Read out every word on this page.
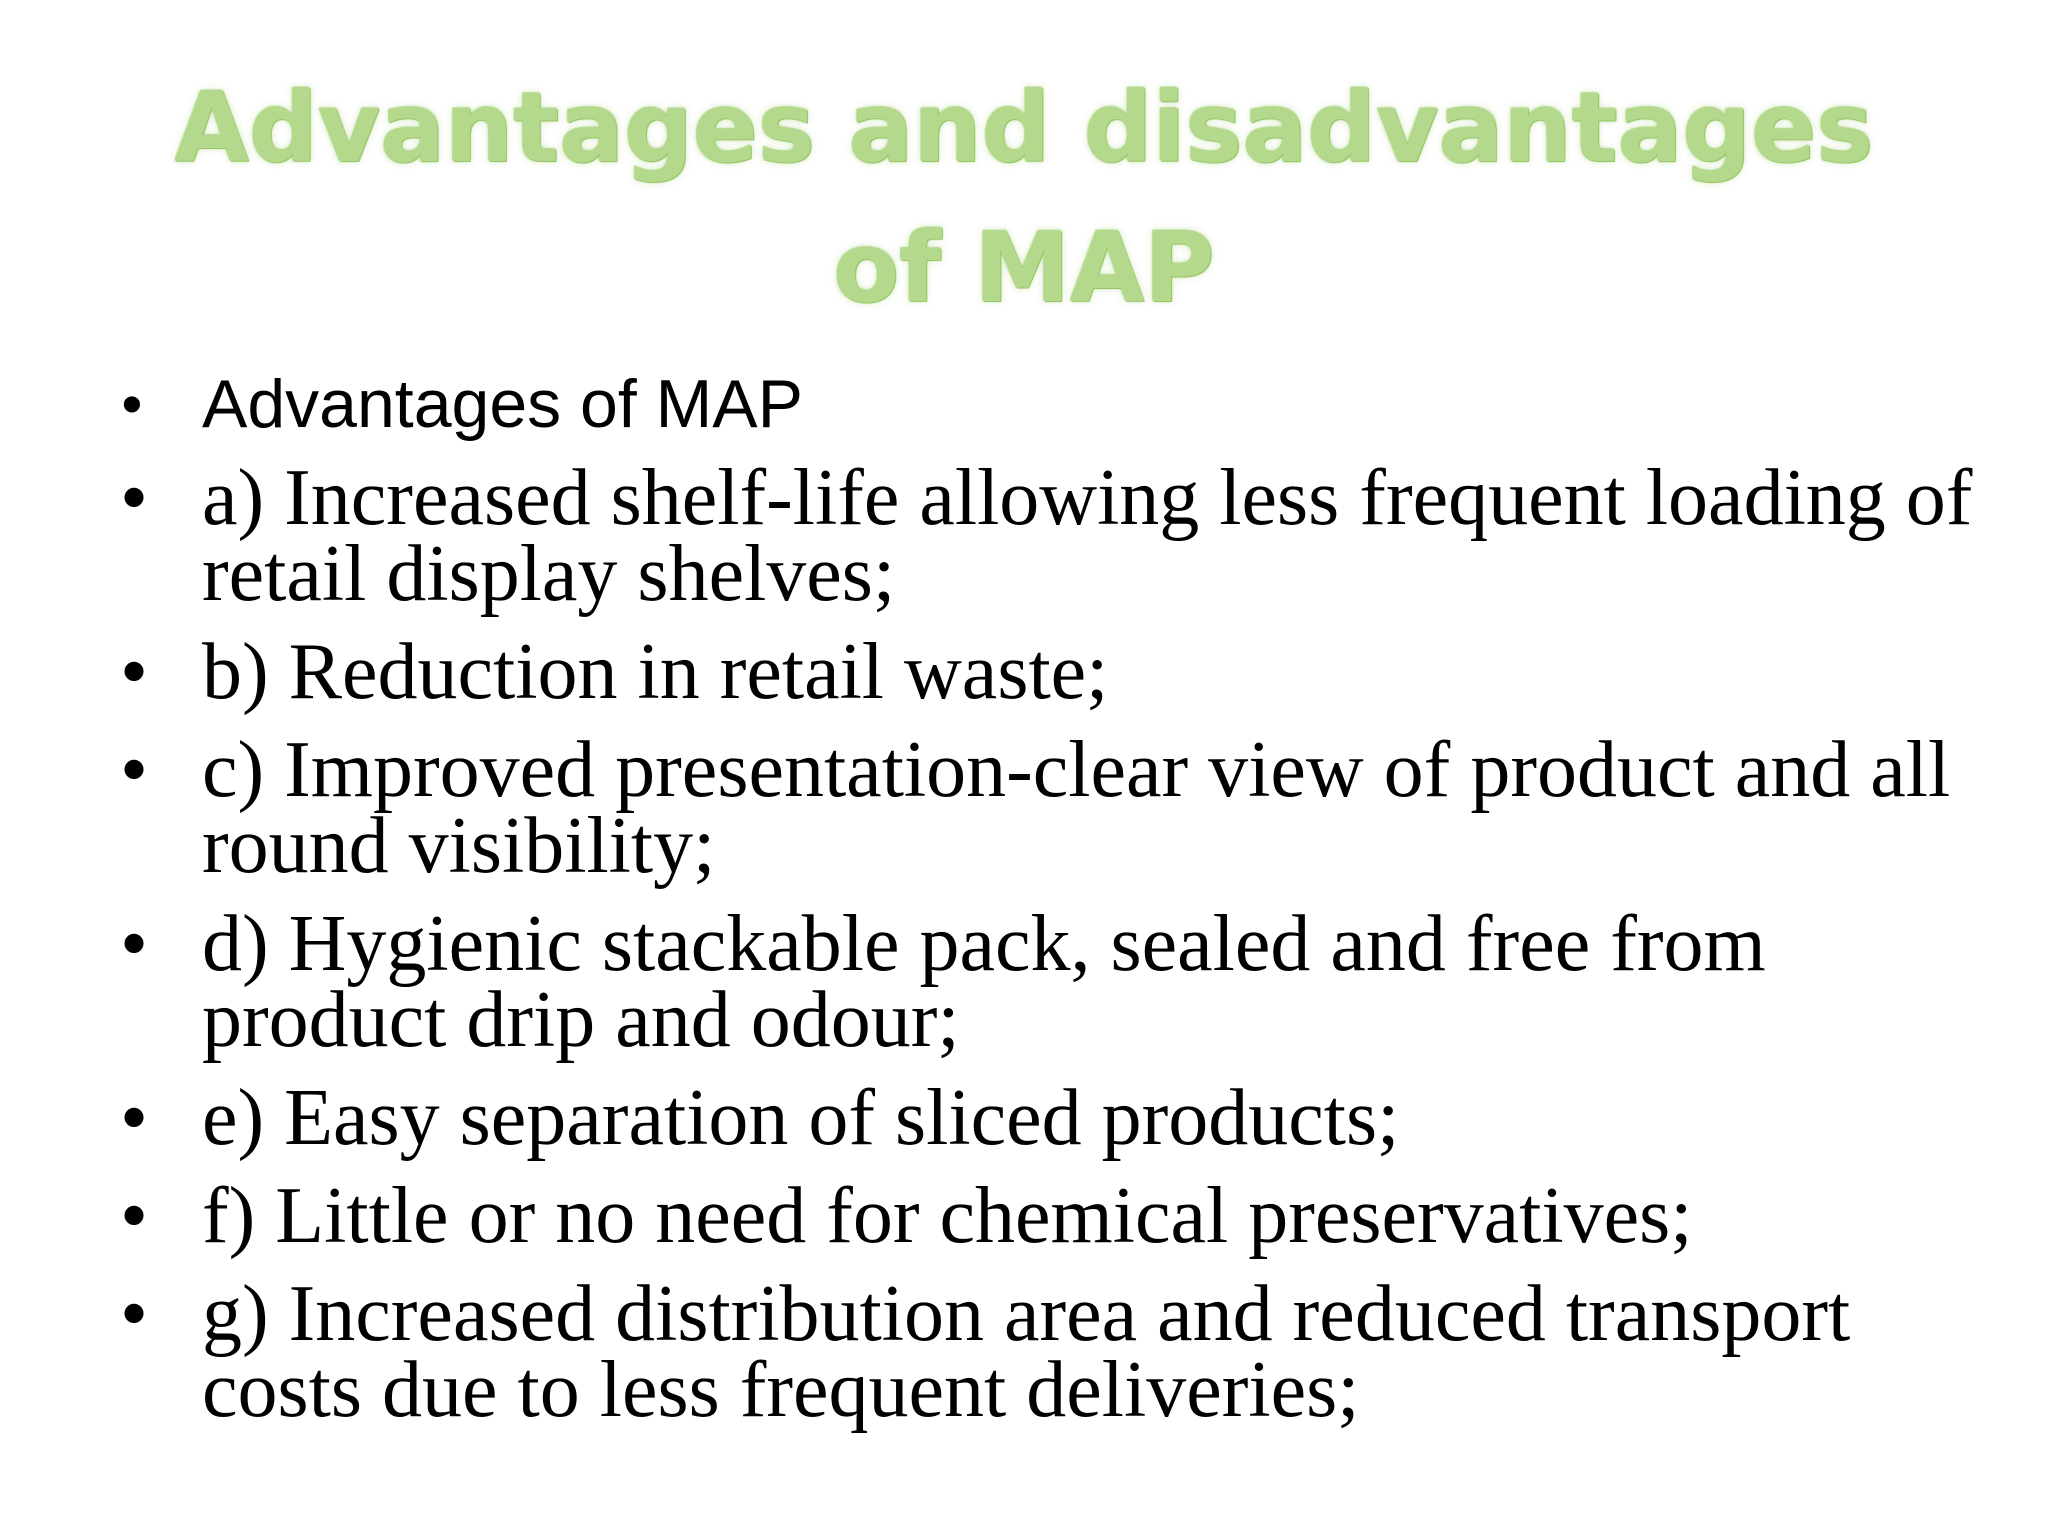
Advantages and disadvantages of MAP
• Advantages of MAP
• a) Increased shelf-life allowing less frequent loading of retail display shelves;
• b) Reduction in retail waste;
• c) Improved presentation-clear view of product and all round visibility;
• d) Hygienic stackable pack, sealed and free from product drip and odour;
• e) Easy separation of sliced products;
• f) Little or no need for chemical preservatives;
• g) Increased distribution area and reduced transport costs due to less frequent deliveries;
